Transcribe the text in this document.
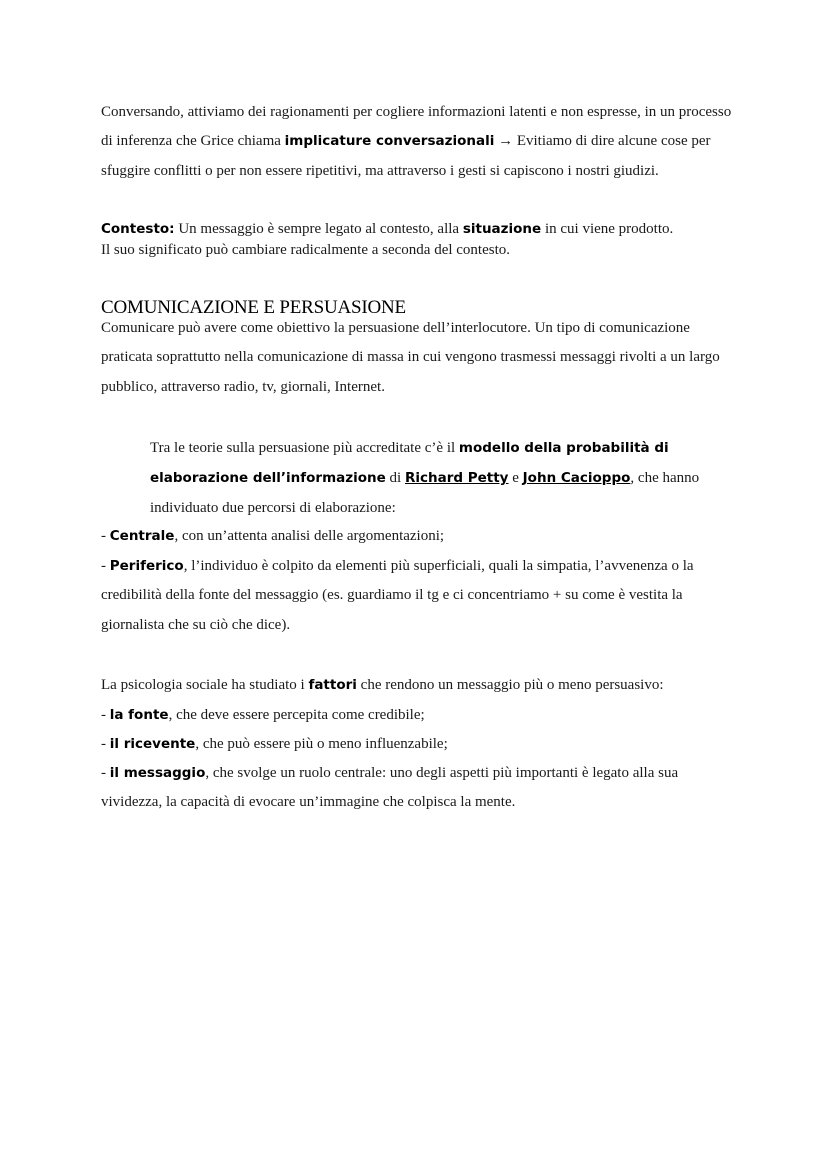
Conversando, attiviamo dei ragionamenti per cogliere informazioni latenti e non espresse, in un processo di inferenza che Grice chiama implicature conversazionali → Evitiamo di dire alcune cose per sfuggire conflitti o per non essere ripetitivi, ma attraverso i gesti si capiscono i nostri giudizi.

Contesto: Un messaggio è sempre legato al contesto, alla situazione in cui viene prodotto.
Il suo significato può cambiare radicalmente a seconda del contesto.

COMUNICAZIONE E PERSUASIONE

Comunicare può avere come obiettivo la persuasione dell’interlocutore. Un tipo di comunicazione praticata soprattutto nella comunicazione di massa in cui vengono trasmessi messaggi rivolti a un largo pubblico, attraverso radio, tv, giornali, Internet.

Tra le teorie sulla persuasione più accreditate c’è il modello della probabilità di elaborazione dell’informazione di Richard Petty e John Cacioppo, che hanno individuato due percorsi di elaborazione:

- Centrale, con un’attenta analisi delle argomentazioni;

- Periferico, l’individuo è colpito da elementi più superficiali, quali la simpatia, l’avvenenza o la credibilità della fonte del messaggio (es. guardiamo il tg e ci concentriamo + su come è vestita la giornalista che su ciò che dice).

La psicologia sociale ha studiato i fattori che rendono un messaggio più o meno persuasivo:

- la fonte, che deve essere percepita come credibile;

- il ricevente, che può essere più o meno influenzabile;

- il messaggio, che svolge un ruolo centrale: uno degli aspetti più importanti è legato alla sua vividezza, la capacità di evocare un’immagine che colpisca la mente.
